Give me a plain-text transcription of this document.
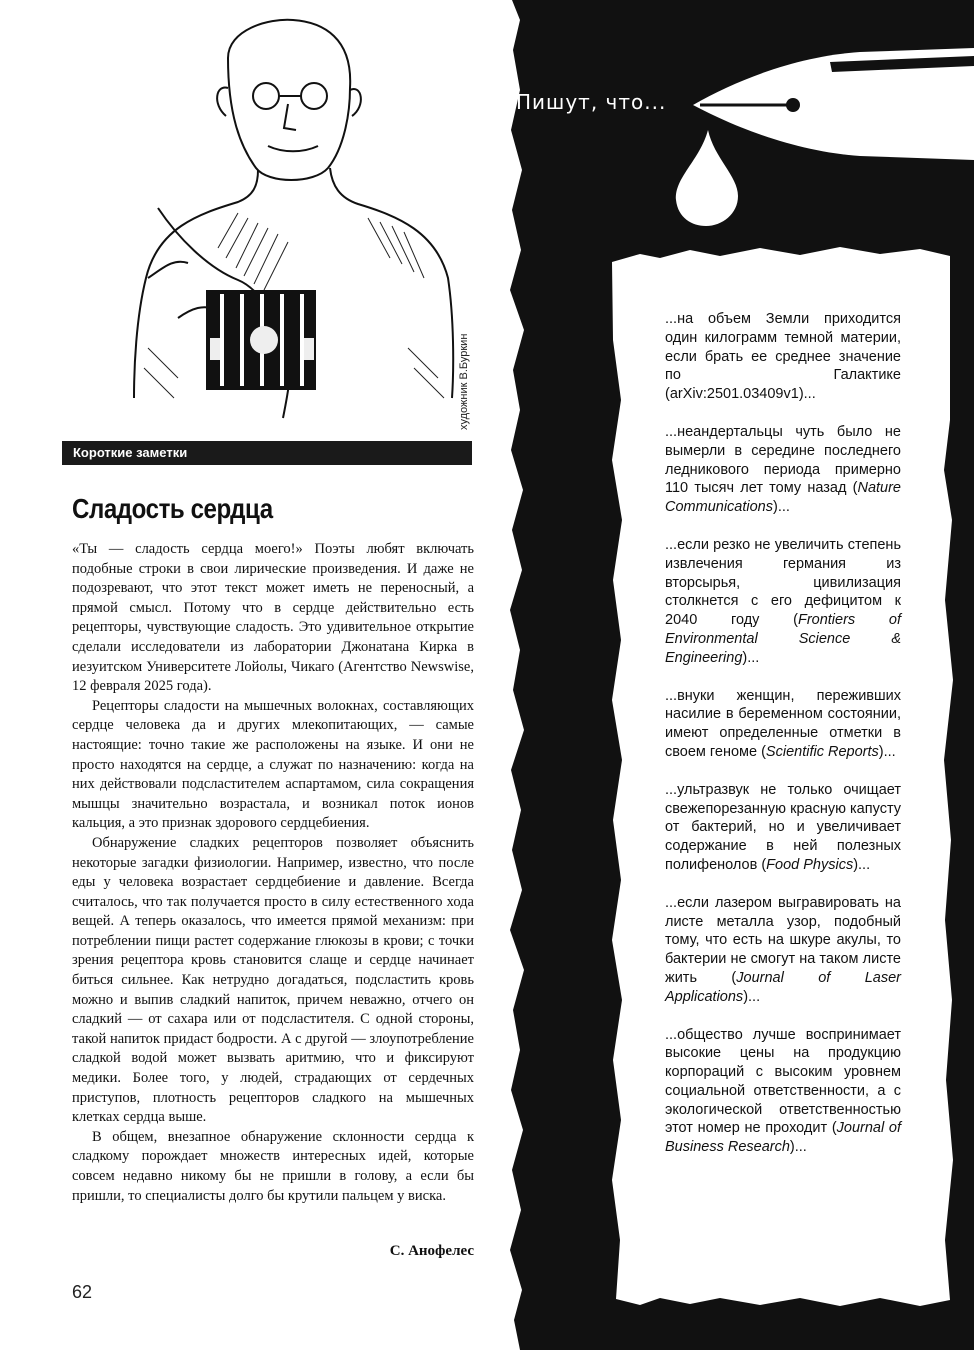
художник В.Буркин
Короткие заметки
Сладость сердца

«Ты — сладость сердца моего!» Поэты любят включать подобные строки в свои лирические произведения. И даже не подозревают, что этот текст может иметь не переносный, а прямой смысл. Потому что в сердце действительно есть рецепторы, чувствующие сладость. Это удивительное открытие сделали исследователи из лаборатории Джонатана Кирка в иезуитском Университете Лойолы, Чикаго (Агентство Newswise, 12 февраля 2025 года).

Рецепторы сладости на мышечных волокнах, составляющих сердце человека да и других млекопитающих, — самые настоящие: точно такие же расположены на языке. И они не просто находятся на сердце, а служат по назначению: когда на них действовали подсластителем аспартамом, сила сокращения мышцы значительно возрастала, и возникал поток ионов кальция, а это признак здорового сердцебиения.

Обнаружение сладких рецепторов позволяет объяснить некоторые загадки физиологии. Например, известно, что после еды у человека возрастает сердцебиение и давление. Всегда считалось, что так получается просто в силу естественного хода вещей. А теперь оказалось, что имеется прямой механизм: при потреблении пищи растет содержание глюкозы в крови; с точки зрения рецептора кровь становится слаще и сердце начинает биться сильнее. Как нетрудно догадаться, подсластить кровь можно и выпив сладкий напиток, причем неважно, отчего он сладкий — от сахара или от подсластителя. С одной стороны, такой напиток придаст бодрости. А с другой — злоупотребление сладкой водой может вызвать аритмию, что и фиксируют медики. Более того, у людей, страдающих от сердечных приступов, плотность рецепторов сладкого на мышечных клетках сердца выше.

В общем, внезапное обнаружение склонности сердца к сладкому порождает множеств интересных идей, которые совсем недавно никому бы не пришли в голову, а если бы пришли, то специалисты долго бы крутили пальцем у виска.

С. Анофелес
62
Пишут, что...

...на объем Земли приходится один килограмм темной материи, если брать ее среднее значение по Галактике (arXiv:2501.03409v1)...

...неандертальцы чуть было не вымерли в середине последнего ледникового периода примерно 110 тысяч лет тому назад (Nature Communications)...

...если резко не увеличить степень извлечения германия из вторсырья, цивилизация столкнется с его дефицитом к 2040 году (Frontiers of Environmental Science & Engineering)...

...внуки женщин, переживших насилие в беременном состоянии, имеют определенные отметки в своем геноме (Scientific Reports)...

...ультразвук не только очищает свежепорезанную красную капусту от бактерий, но и увеличивает содержание в ней полезных полифенолов (Food Physics)...

...если лазером выгравировать на листе металла узор, подобный тому, что есть на шкуре акулы, то бактерии не смогут на таком листе жить (Journal of Laser Applications)...

...общество лучше воспринимает высокие цены на продукцию корпораций с высоким уровнем социальной ответственности, а с экологической ответственностью этот номер не проходит (Journal of Business Research)...
